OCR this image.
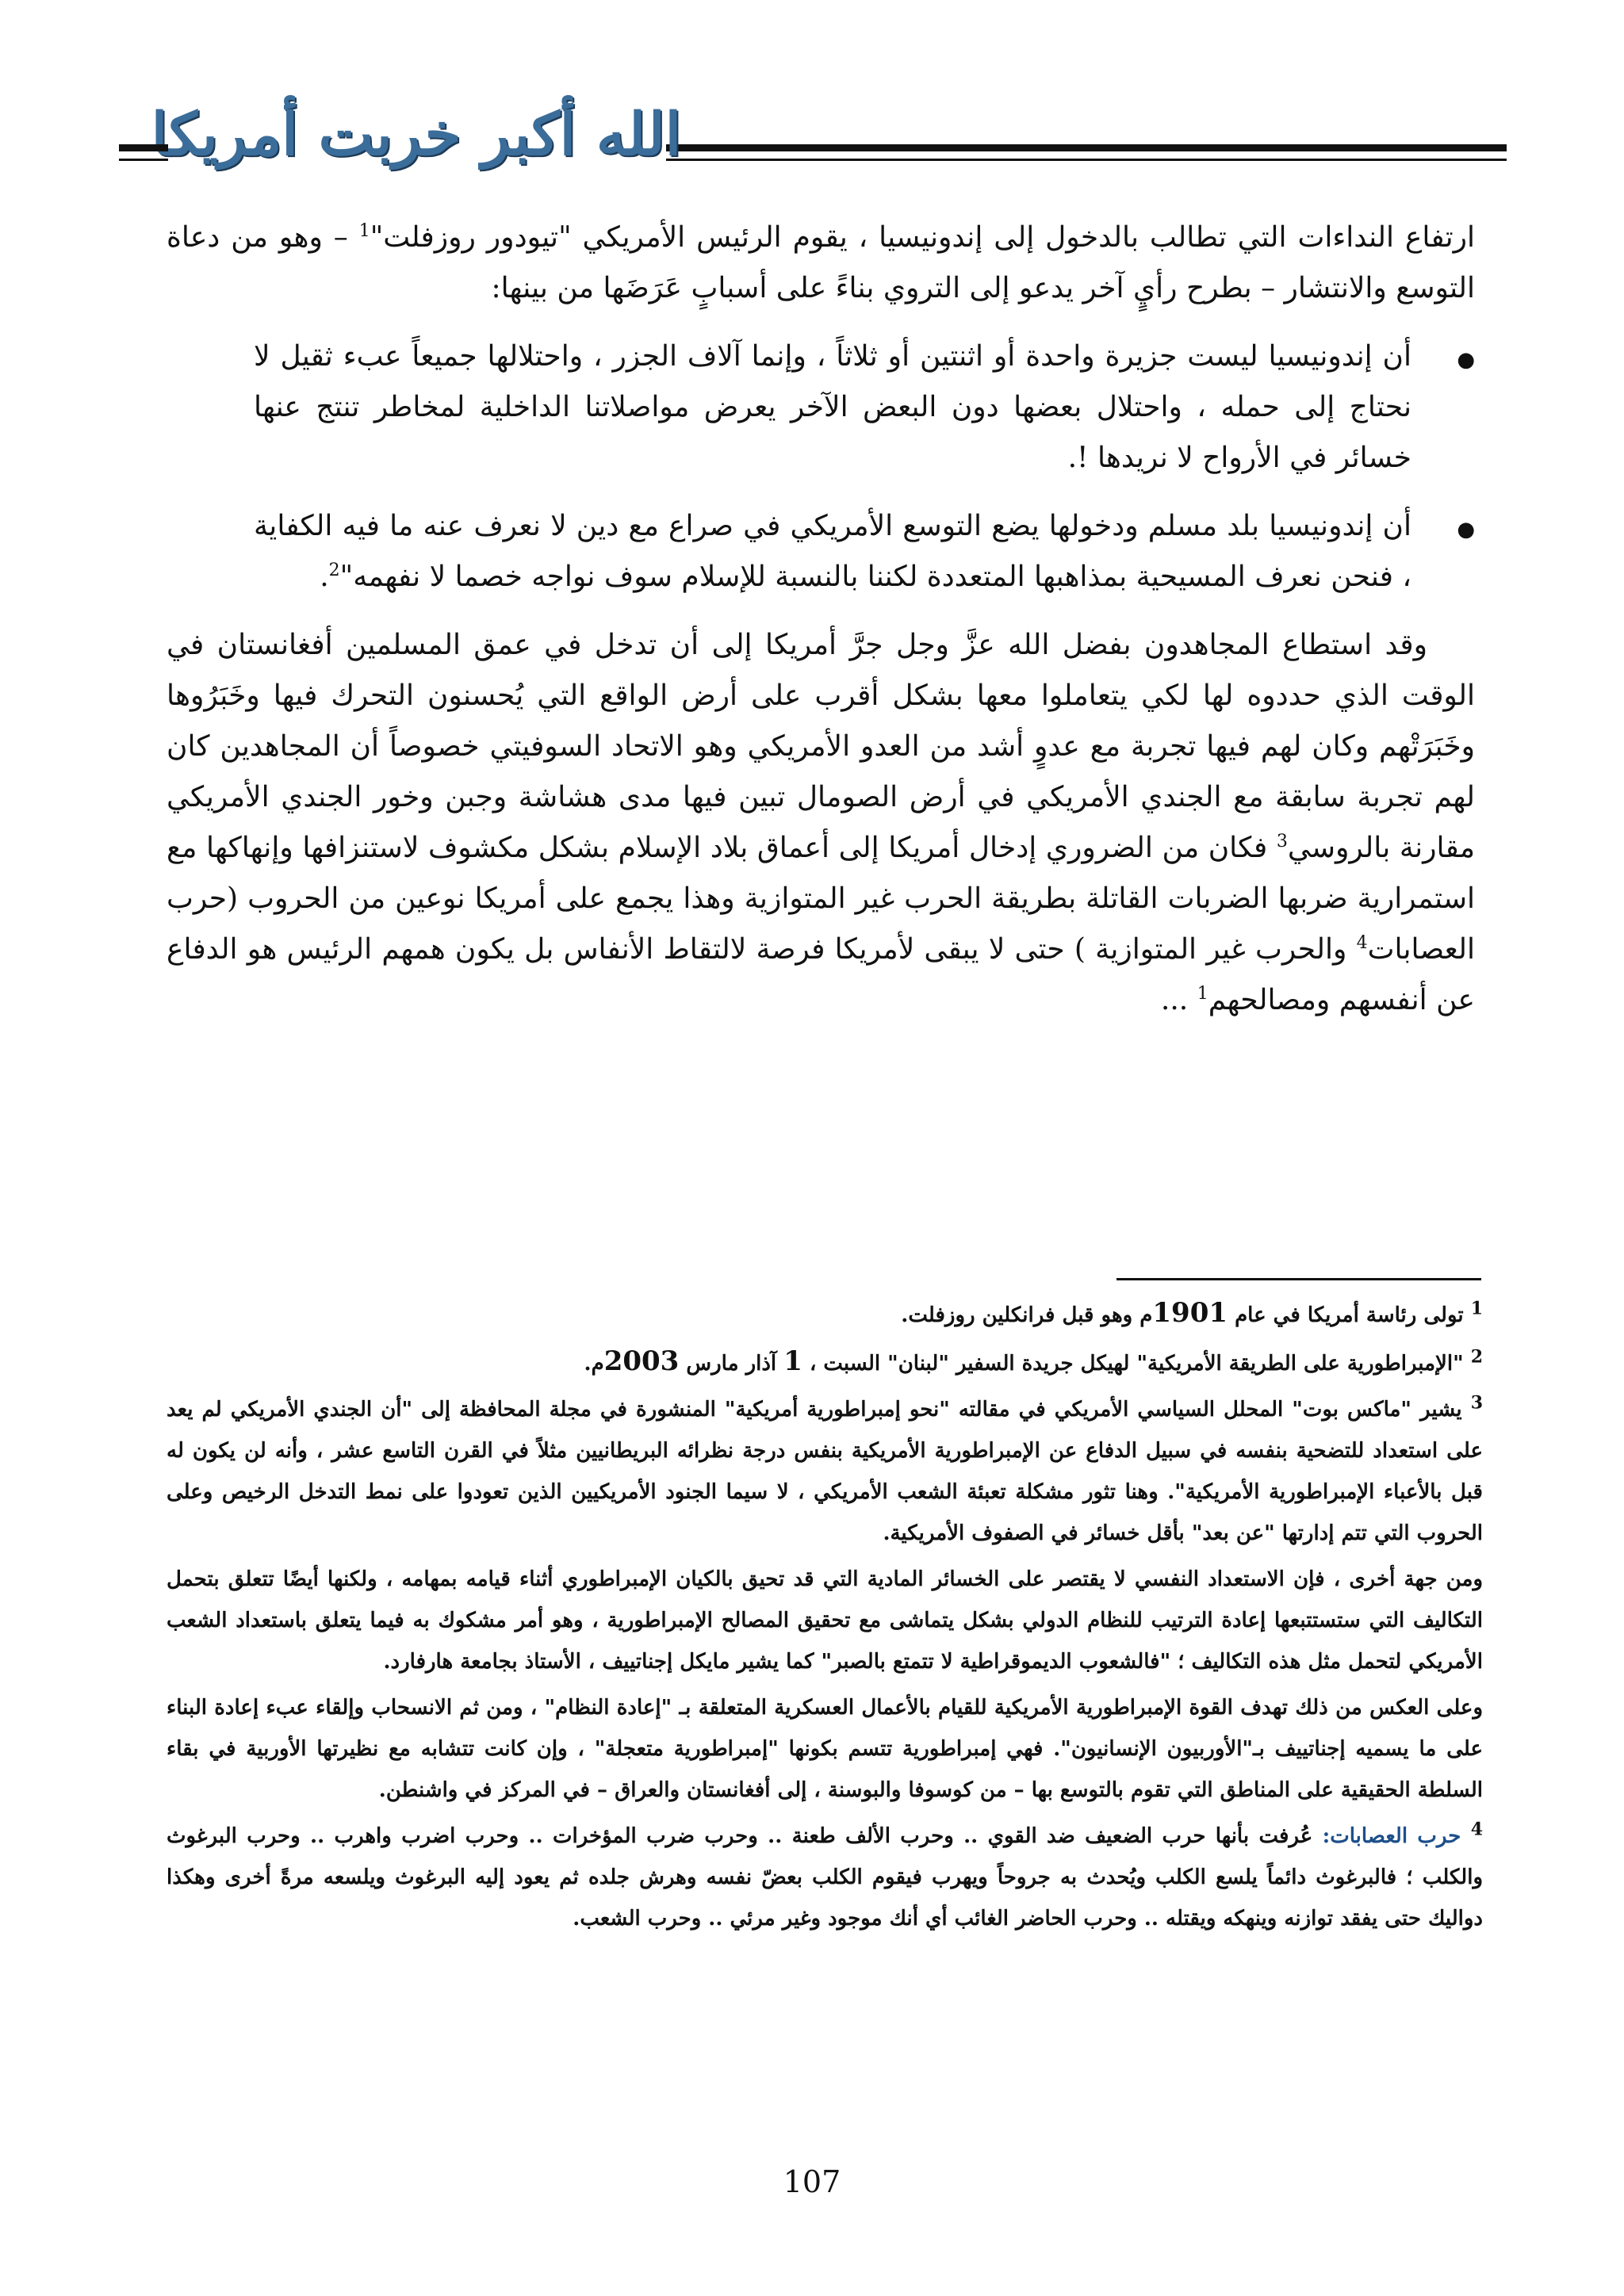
الله أكبر خربت أمريكا

ارتفاع النداءات التي تطالب بالدخول إلى إندونيسيا ، يقوم الرئيس الأمريكي "تيودور روزفلت"$^1$ – وهو من دعاة التوسع والانتشار – بطرح رأيٍ آخر يدعو إلى التروي بناءً على أسبابٍ عَرَضَها من بينها:

●
أن إندونيسيا ليست جزيرة واحدة أو اثنتين أو ثلاثاً ، وإنما آلاف الجزر ، واحتلالها جميعاً عبء ثقيل لا نحتاج إلى حمله ، واحتلال بعضها دون البعض الآخر يعرض مواصلاتنا الداخلية لمخاطر تنتج عنها خسائر في الأرواح لا نريدها !.
●
أن إندونيسيا بلد مسلم ودخولها يضع التوسع الأمريكي في صراع مع دين لا نعرف عنه ما فيه الكفاية ، فنحن نعرف المسيحية بمذاهبها المتعددة لكننا بالنسبة للإسلام سوف نواجه خصما لا نفهمه"$^2$.

وقد استطاع المجاهدون بفضل الله عزَّ وجل جرَّ أمريكا إلى أن تدخل في عمق المسلمين أفغانستان في الوقت الذي حددوه لها لكي يتعاملوا معها بشكل أقرب على أرض الواقع التي يُحسنون التحرك فيها وخَبَرُوها وخَبَرَتْهم وكان لهم فيها تجربة مع عدوٍ أشد من العدو الأمريكي وهو الاتحاد السوفيتي خصوصاً أن المجاهدين كان لهم تجربة سابقة مع الجندي الأمريكي في أرض الصومال تبين فيها مدى هشاشة وجبن وخور الجندي الأمريكي مقارنة بالروسي$^3$ فكان من الضروري إدخال أمريكا إلى أعماق بلاد الإسلام بشكل مكشوف لاستنزافها وإنهاكها مع استمرارية ضربها الضربات القاتلة بطريقة الحرب غير المتوازية وهذا يجمع على أمريكا نوعين من الحروب (حرب العصابات$^4$ والحرب غير المتوازية ) حتى لا يبقى لأمريكا فرصة لالتقاط الأنفاس بل يكون همهم الرئيس هو الدفاع عن أنفسهم ومصالحهم$^1$ ...

$^1$ تولى رئاسة أمريكا في عام 1901م وهو قبل فرانكلين روزفلت.

$^2$ "الإمبراطورية على الطريقة الأمريكية" لهيكل جريدة السفير "لبنان" السبت ، 1 آذار مارس 2003م.

$^3$ يشير "ماكس بوت" المحلل السياسي الأمريكي في مقالته "نحو إمبراطورية أمريكية" المنشورة في مجلة المحافظة إلى "أن الجندي الأمريكي لم يعد على استعداد للتضحية بنفسه في سبيل الدفاع عن الإمبراطورية الأمريكية بنفس درجة نظرائه البريطانيين مثلاً في القرن التاسع عشر ، وأنه لن يكون له قبل بالأعباء الإمبراطورية الأمريكية". وهنا تثور مشكلة تعبئة الشعب الأمريكي ، لا سيما الجنود الأمريكيين الذين تعودوا على نمط التدخل الرخيص وعلى الحروب التي تتم إدارتها "عن بعد" بأقل خسائر في الصفوف الأمريكية.

ومن جهة أخرى ، فإن الاستعداد النفسي لا يقتصر على الخسائر المادية التي قد تحيق بالكيان الإمبراطوري أثناء قيامه بمهامه ، ولكنها أيضًا تتعلق بتحمل التكاليف التي ستستتبعها إعادة الترتيب للنظام الدولي بشكل يتماشى مع تحقيق المصالح الإمبراطورية ، وهو أمر مشكوك به فيما يتعلق باستعداد الشعب الأمريكي لتحمل مثل هذه التكاليف ؛ "فالشعوب الديموقراطية لا تتمتع بالصبر" كما يشير مايكل إجناتييف ، الأستاذ بجامعة هارفارد.

وعلى العكس من ذلك تهدف القوة الإمبراطورية الأمريكية للقيام بالأعمال العسكرية المتعلقة بـ "إعادة النظام" ، ومن ثم الانسحاب وإلقاء عبء إعادة البناء على ما يسميه إجناتييف بـ"الأوربيون الإنسانيون". فهي إمبراطورية تتسم بكونها "إمبراطورية متعجلة" ، وإن كانت تتشابه مع نظيرتها الأوربية في بقاء السلطة الحقيقية على المناطق التي تقوم بالتوسع بها – من كوسوفا والبوسنة ، إلى أفغانستان والعراق – في المركز في واشنطن.

$^4$ حرب العصابات: عُرفت بأنها حرب الضعيف ضد القوي .. وحرب الألف طعنة .. وحرب ضرب المؤخرات .. وحرب اضرب واهرب .. وحرب البرغوث والكلب ؛ فالبرغوث دائماً يلسع الكلب ويُحدث به جروحاً ويهرب فيقوم الكلب بعضّ نفسه وهرش جلده ثم يعود إليه البرغوث ويلسعه مرةً أخرى وهكذا دواليك حتى يفقد توازنه وينهكه ويقتله .. وحرب الحاضر الغائب أي أنك موجود وغير مرئي .. وحرب الشعب.

107
